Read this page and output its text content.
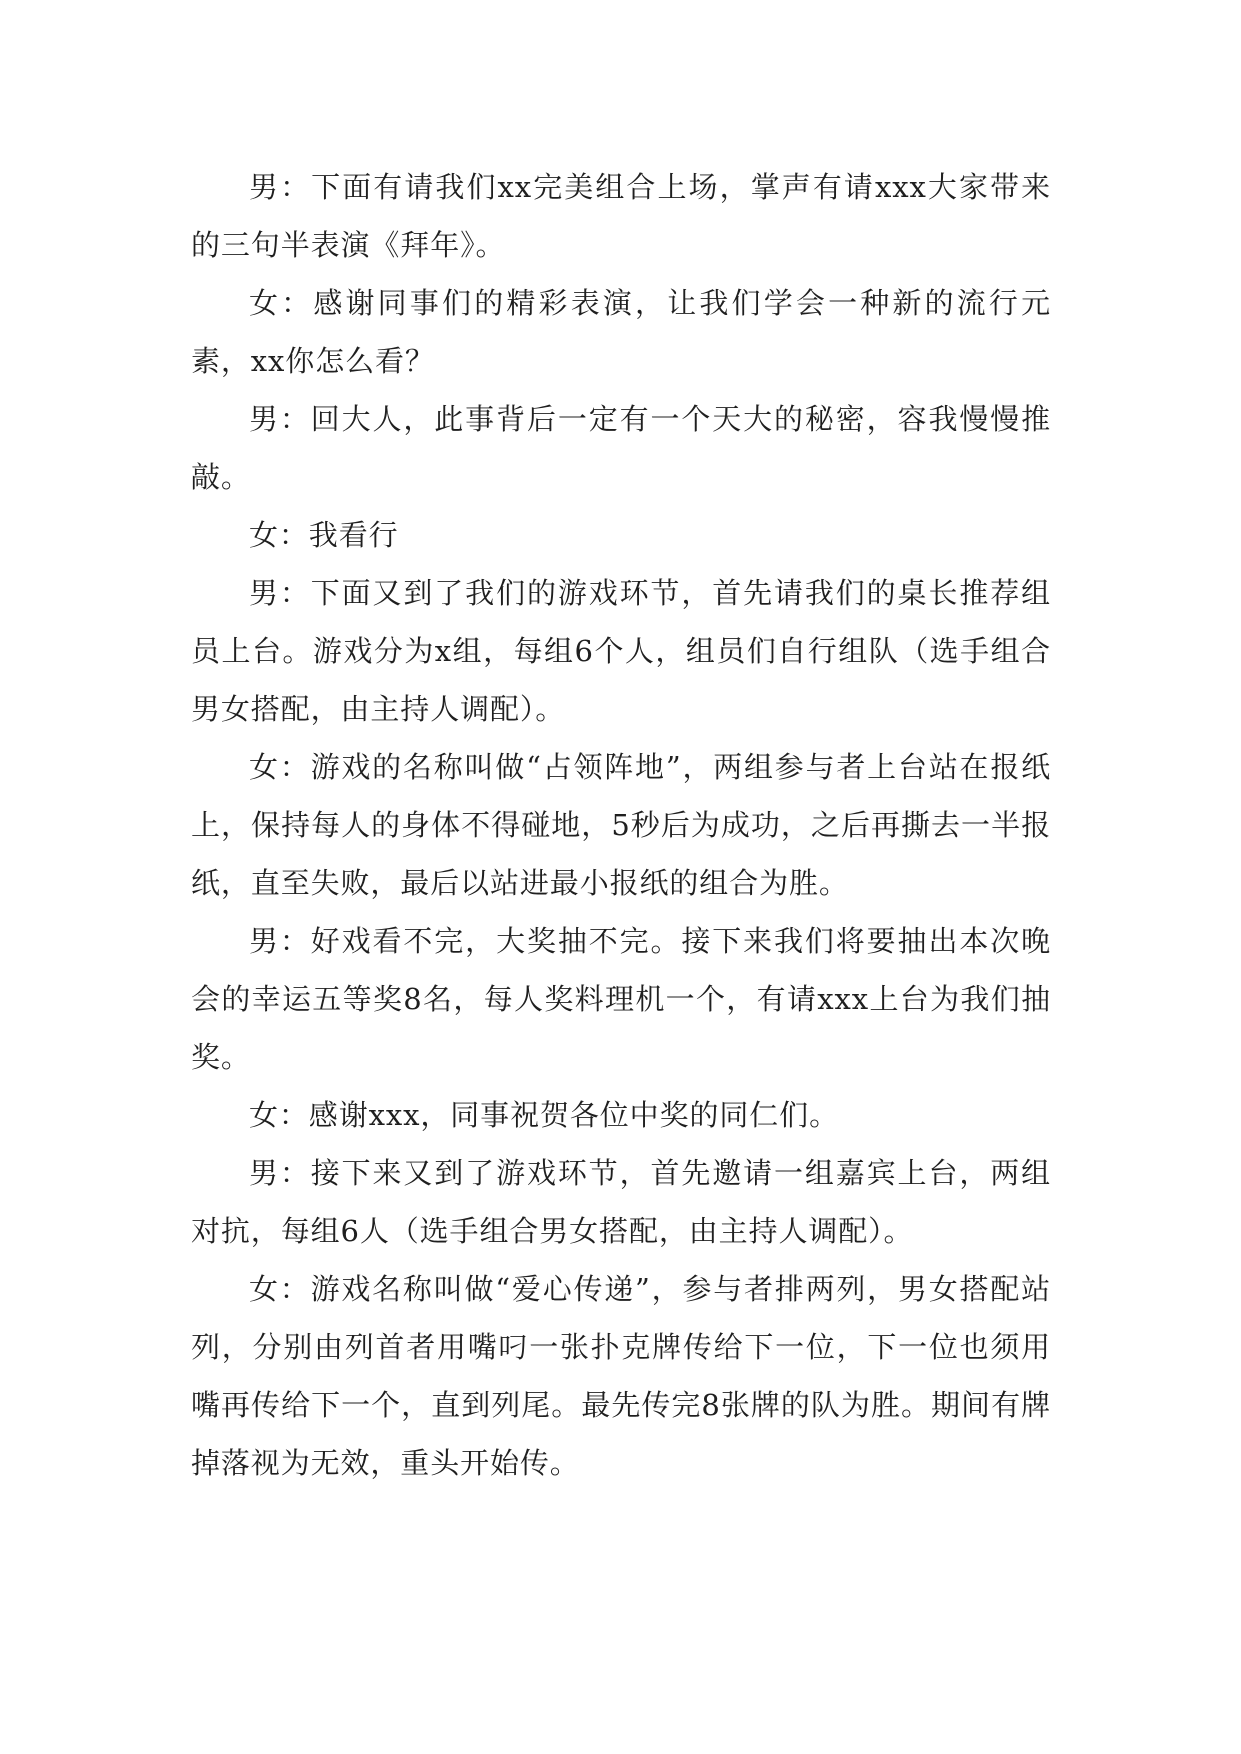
男：下面有请我们xx完美组合上场，掌声有请xxx大家带来的三句半表演《拜年》。

女：感谢同事们的精彩表演，让我们学会一种新的流行元素，xx你怎么看？

男：回大人，此事背后一定有一个天大的秘密，容我慢慢推敲。

女：我看行

男：下面又到了我们的游戏环节，首先请我们的桌长推荐组员上台。游戏分为x组，每组6个人，组员们自行组队（选手组合男女搭配，由主持人调配）。

女：游戏的名称叫做“占领阵地”，两组参与者上台站在报纸上，保持每人的身体不得碰地，5秒后为成功，之后再撕去一半报纸，直至失败，最后以站进最小报纸的组合为胜。

男：好戏看不完，大奖抽不完。接下来我们将要抽出本次晚会的幸运五等奖8名，每人奖料理机一个，有请xxx上台为我们抽奖。

女：感谢xxx，同事祝贺各位中奖的同仁们。

男：接下来又到了游戏环节，首先邀请一组嘉宾上台，两组对抗，每组6人（选手组合男女搭配，由主持人调配）。

女：游戏名称叫做“爱心传递”，参与者排两列，男女搭配站列，分别由列首者用嘴叼一张扑克牌传给下一位，下一位也须用嘴再传给下一个，直到列尾。最先传完8张牌的队为胜。期间有牌掉落视为无效，重头开始传。
